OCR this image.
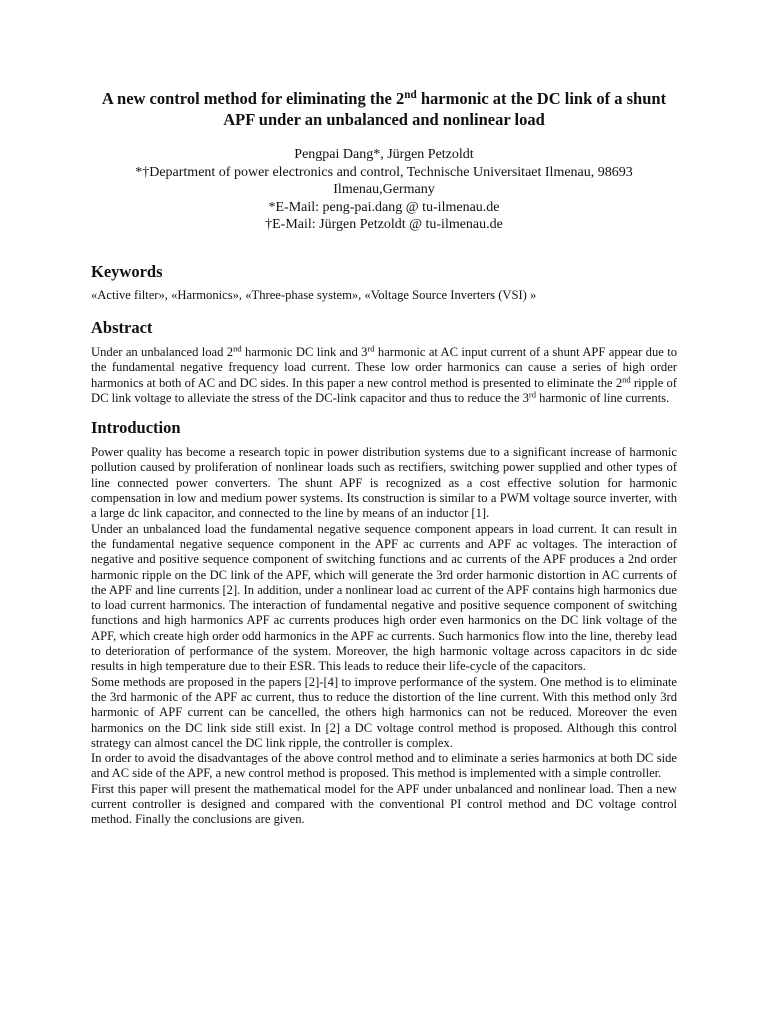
A new control method for eliminating the 2nd harmonic at the DC link of a shunt APF under an unbalanced and nonlinear load
Pengpai Dang*, Jürgen Petzoldt
*†Department of power electronics and control, Technische Universitaet Ilmenau, 98693
Ilmenau,Germany
*E-Mail: peng-pai.dang @ tu-ilmenau.de
†E-Mail: Jürgen Petzoldt @ tu-ilmenau.de
Keywords
«Active filter», «Harmonics», «Three-phase system», «Voltage Source Inverters (VSI) »
Abstract

Under an unbalanced load 2nd harmonic DC link and 3rd harmonic at AC input current of a shunt APF appear due to the fundamental negative frequency load current. These low order harmonics can cause a series of high order harmonics at both of AC and DC sides. In this paper a new control method is presented to eliminate the 2nd ripple of DC link voltage to alleviate the stress of the DC-link capacitor and thus to reduce the 3rd harmonic of line currents.

Introduction

Power quality has become a research topic in power distribution systems due to a significant increase of harmonic pollution caused by proliferation of nonlinear loads such as rectifiers, switching power supplied and other types of line connected power converters. The shunt APF is recognized as a cost effective solution for harmonic compensation in low and medium power systems. Its construction is similar to a PWM voltage source inverter, with a large dc link capacitor, and connected to the line by means of an inductor [1].

Under an unbalanced load the fundamental negative sequence component appears in load current. It can result in the fundamental negative sequence component in the APF ac currents and APF ac voltages. The interaction of negative and positive sequence component of switching functions and ac currents of the APF produces a 2nd order harmonic ripple on the DC link of the APF, which will generate the 3rd order harmonic distortion in AC currents of the APF and line currents [2]. In addition, under a nonlinear load ac current of the APF contains high harmonics due to load current harmonics. The interaction of fundamental negative and positive sequence component of switching functions and high harmonics APF ac currents produces high order even harmonics on the DC link voltage of the APF, which create high order odd harmonics in the APF ac currents. Such harmonics flow into the line, thereby lead to deterioration of performance of the system. Moreover, the high harmonic voltage across capacitors in dc side results in high temperature due to their ESR. This leads to reduce their life-cycle of the capacitors.

Some methods are proposed in the papers [2]-[4] to improve performance of the system. One method is to eliminate the 3rd harmonic of the APF ac current, thus to reduce the distortion of the line current. With this method only 3rd harmonic of APF current can be cancelled, the others high harmonics can not be reduced. Moreover the even harmonics on the DC link side still exist. In [2] a DC voltage control method is proposed. Although this control strategy can almost cancel the DC link ripple, the controller is complex.

In order to avoid the disadvantages of the above control method and to eliminate a series harmonics at both DC side and AC side of the APF, a new control method is proposed. This method is implemented with a simple controller.

First this paper will present the mathematical model for the APF under unbalanced and nonlinear load. Then a new current controller is designed and compared with the conventional PI control method and DC voltage control method. Finally the conclusions are given.
